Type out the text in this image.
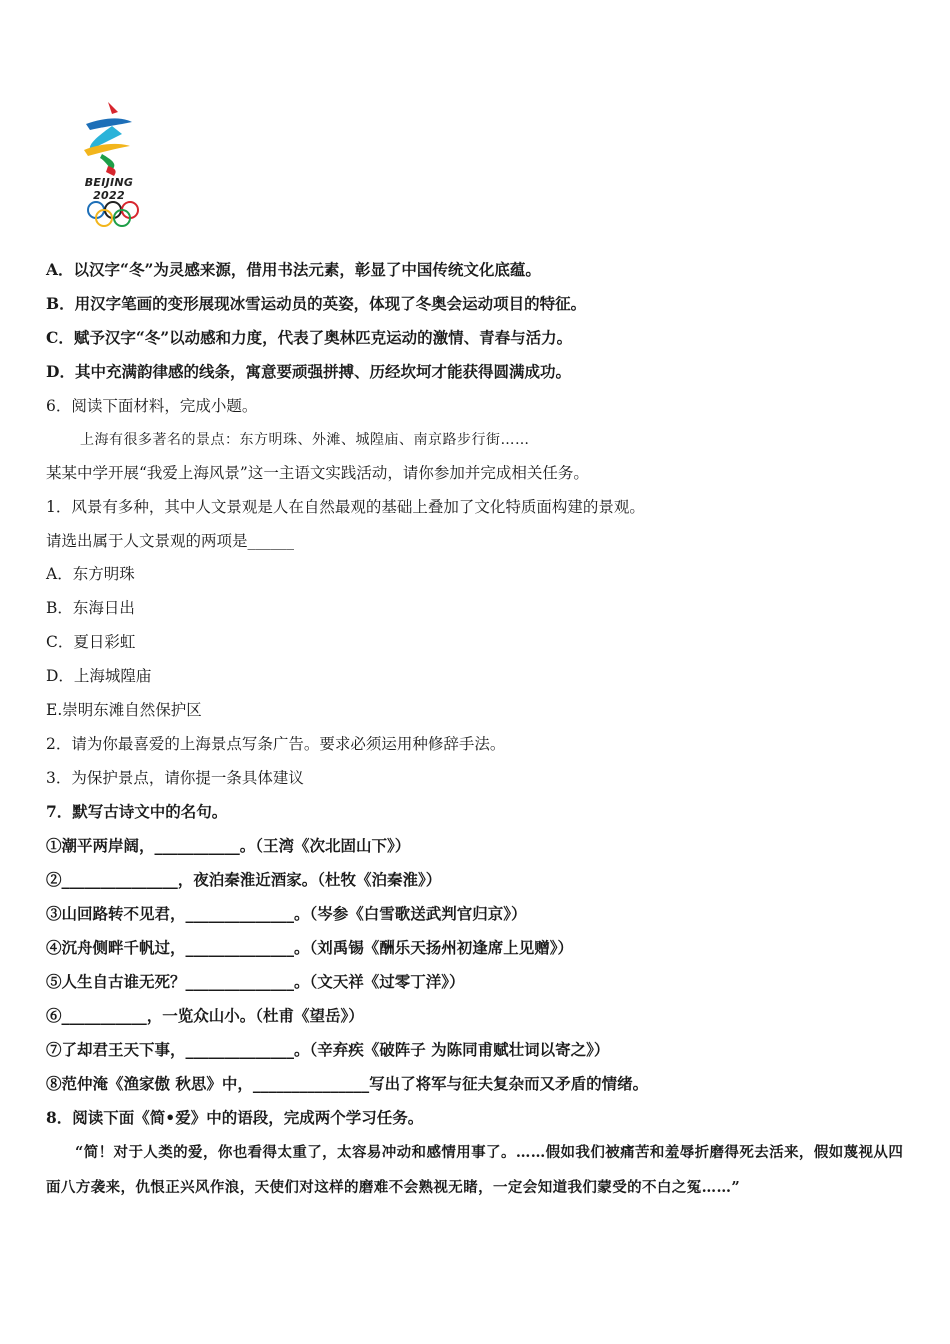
BEIJING 2022
A．以汉字“冬”为灵感来源，借用书法元素，彰显了中国传统文化底蕴。
B．用汉字笔画的变形展现冰雪运动员的英姿，体现了冬奥会运动项目的特征。
C．赋予汉字“冬”以动感和力度，代表了奥林匹克运动的激情、青春与活力。
D．其中充满韵律感的线条，寓意要顽强拼搏、历经坎坷才能获得圆满成功。
6．阅读下面材料，完成小题。
上海有很多著名的景点：东方明珠、外滩、城隍庙、南京路步行街……
某某中学开展“我爱上海风景”这一主语文实践活动，请你参加并完成相关任务。
1．风景有多种，其中人文景观是人在自然最观的基础上叠加了文化特质面构建的景观。
请选出属于人文景观的两项是______
A．东方明珠
B．东海日出
C．夏日彩虹
D．上海城隍庙
E.崇明东滩自然保护区
2．请为你最喜爱的上海景点写条广告。要求必须运用种修辞手法。
3．为保护景点，请你提一条具体建议
7．默写古诗文中的名句。
①潮平两岸阔，___________。（王湾《次北固山下》）
②_______________，夜泊秦淮近酒家。（杜牧《泊秦淮》）
③山回路转不见君，______________。（岑参《白雪歌送武判官归京》）
④沉舟侧畔千帆过，______________。（刘禹锡《酬乐天扬州初逢席上见赠》）
⑤人生自古谁无死？______________。（文天祥《过零丁洋》）
⑥___________，一览众山小。（杜甫《望岳》）
⑦了却君王天下事，______________。（辛弃疾《破阵子 为陈同甫赋壮词以寄之》）
⑧范仲淹《渔家傲 秋思》中，_______________写出了将军与征夫复杂而又矛盾的情绪。
8．阅读下面《简•爱》中的语段，完成两个学习任务。
“简！对于人类的爱，你也看得太重了，太容易冲动和感情用事了。……假如我们被痛苦和羞辱折磨得死去活来，假如蔑视从四面八方袭来，仇恨正兴风作浪，天使们对这样的磨难不会熟视无睹，一定会知道我们蒙受的不白之冤……”
